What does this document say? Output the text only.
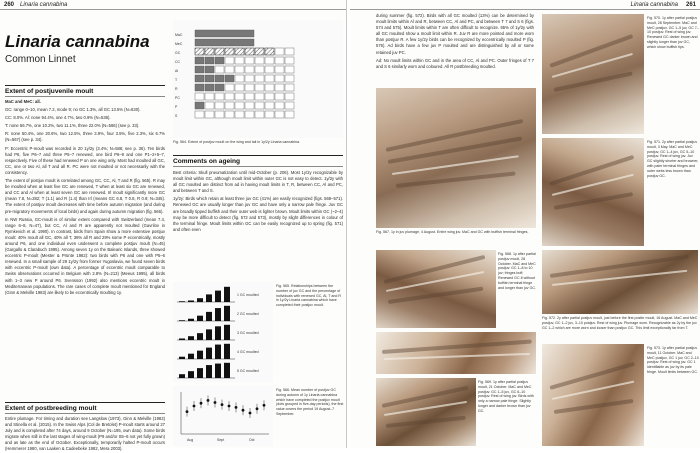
260 Linaria cannabina
Linaria cannabina
Common Linnet
Extent of postjuvenile moult

MaC and MeC: all.

GC: range 0–10, mean 7.2, mode 9; no GC 1.3%, all GC 13.5% (N=630).

CC: 8.0%. Al: none 94.4%, one 4.7%, two 0.9% (N=538).

T: none 56.7%, one 10.2%, two 11.1%, three 22.0% (N=566) (see p. 33).

R: none 50.4%, one 20.6%, two 12.5%, three 3.9%, four 3.5%, five 2.3%, six 6.7% (N=567) (see p. 34).

P: Eccentric P-moult was recorded in 20 1y/2y (3.4%; N=586; see p. 36). Ten birds had P6, five P6–7 and three P5–7 renewed, one bird P6–9 and one P1–2+5–7, respectively. Five of these had renewed P on one wing only. Most had moulted all GC, CC, one or two Al, all T and all R. PC were not moulted or not necessarily with the consistency.

The extent of postjuv moult is correlated among GC, CC, Al, T and R (fig. 565). R may be moulted when at least five GC are renewed, T when at least six GC are renewed, and CC and Al when at least seven GC are renewed. Irl moult significantly more GC (mean 7.8, N=282; T (1.1) and R (1.4) than Irl (means GC 6.8, T 0.8, R 0.9; N=345). The extent of postjuv moult decreases with time before autumn migration (and during pre-migratory movements of local birds) and again during autumn migration (fig. 566).

In NW Russia, GC-moult is of similar extent compared with Switzerland (mean 7.4, range 6–8, N=47), but CC, Al and R are apparently not moulted (Gavrilov in Rymkevich et al. 1990). In contrast, birds from Spain show a more extensive postjuv moult: 40% moult all GC, 40% all T, 36% all R and 29% some P eccentrically, mostly around P6, and one individual even underwent a complete postjuv moult (N=45) (Gargallo & Clarabuch 1995). Among seven 1y on the Balearic Islands, three showed eccentric P-moult (Mester & Prünte 1982): two birds with P6 and one with P5–6 renewed. In a small sample of 29 1y/2y from former Yugoslavia, we found seven birds with eccentric P-moult (own data). A percentage of eccentric moult comparable to Swiss observations occurred in Belgium with 2.8% (N=213) (Meeus 1995), all birds with 1–3 new P around P6. Svensson (1992) also mentions eccentric moult in Mediterranean populations. The rare cases of complete moult mentioned for England (Ginn & Melville 1983) are likely to be eccentrically moulting 1y.

Extent of postbreeding moult
Entire plumage. For timing and duration see Langslow (1973), Ginn & Melville (1983) and Stinella et al. (2015). In the Swiss Alps (Col de Bretolet) P-moult starts around 27 July and is completed after 74 days, around 9 October (N=195, own data). Some birds migrate when still in the last stages of wing-moult (P9 and/or S5–6 not yet fully grown) and as late as the end of October. Exceptionally, temporarily halted P-moult occurs (Hemmerer 1980, van Laaken & Cadeebeke 1982, Mera 2003).
MaC
MeC
GC
CC
Al
T
R
PC
P
S
Fig. 564. Extent of postjuv moult on the wing and tail in 1y/2y Linaria cannabina.
Comments on ageing

Best criteria: Skull pneumatization until mid-October (p. 206). Most 1y/2y recognizable by moult limit within GC, although moult limit within outer GC is not easy to detect. 1y/2y with all GC moulted are distinct from ad in having moult limits in T, R, between CC, Al and PC, and between T and S.

1y/2y: Birds which retain at least three juv GC (41%) are easily recognized (figs. 568–571). Renewed GC are usually longer than juv GC and have only a narrow pale fringe. Juv GC are broadly tipped buffish and their outer web is lighter brown. Moult limits within GC (~2–4) may be more difficult to detect (fig. 572 and 573), mostly by slight differences in colour of the terminal fringe. Moult limits within GC can be easily recognized up to spring (fig. 571) and often even

1 GC moulted
2 GC moulted
3 GC moulted
4 GC moulted
5 GC moulted
Fig. 565. Relationships between the number of juv GC and the percentage of individuals with renewed GC, Al, T and R in 1y/2y Linaria cannabina which have completed their postjuv moult.
Aug	Sept	Oct
Fig. 566. Mean number of postjuv GC during autumn of 1y Linaria cannabina which have completed the postjuv moult (dots grouped in five-day periods), the first value covers the period 19 August–7 September.
Linaria cannabina 261

during summer (fig. 572). Birds with all GC moulted (13%) can be determined by moult limits within Al and R, between CC, Al and PC, and between T 7 and S 6 (figs. 574 and 575). Moult limits within T are often difficult to recognize. 65% of 1y/2y with all GC moulted show a moult limit within R. Juv R are more pointed and more worn than postjuv R. A few 1y/2y birds can be recognized by eccentrically moulted P (fig. 576). Ad birds have a few juv P moulted and are distinguished by all or some retained juv PC.

Ad: No moult limits within GC and in the area of CC, Al and PC. Outer fringes of T 7 and S 6 similarly worn and coloured. All R postbreeding moulted.

Fig. 567. 1y in juv plumage, 4 August. Entire wing juv. MaC and GC with buffish terminal fringes.
Fig. 568. 1y after partial postjuv moult, 28 October. MaC and MeC postjuv. GC 1–8 to 10 juv; fringes buff; Renewed GC 8 without buffish terminal fringe and longer than juv GC.
Fig. 569. 1y after partial postjuv moult, 21 October. MaC and MeC postjuv. GC 1–5 juv, GC 6–10 postjuv. Rest of wing juv. Birds with only a narrow pale fringe. Slightly longer and darker brown than juv GC.
Fig. 570. 1y after partial postjuv moult, 28 September. MaC and MeC postjuv. GC 1–5 juv, GC 7–10 postjuv. Rest of wing juv. Renewed GC darker brown and slightly longer than juv GC, which show buffish tips.
Fig. 571. 2y after partial postjuv moult, 3 May. MaC and MeC postjuv, GC 1–4 juv, GC 5–10 postjuv. Rest of wing juv. Juv GC slightly shorter and browner, with paler terminal fringes and outer webs less brown than postjuv GC.
Fig. 572. 2y after partial postjuv moult, just before the first postbr moult, 16 August. MaC and MeC postjuv, GC 1–2 juv, 3–10 postjuv. Rest of wing juv. Plumage worn. Recognizable as 2y by the juv GC 1–2 which are more worn and looser than postjuv GC. This limit exceptionally far from T.
Fig. 573. 1y after partial postjuv moult, 11 October. MaC and MeC postjuv, GC 1 juv, GC 2–10 postjuv. Rest of wing juv. GC 1 identifiable as juv by its pale fringe. Moult limits between GC.
